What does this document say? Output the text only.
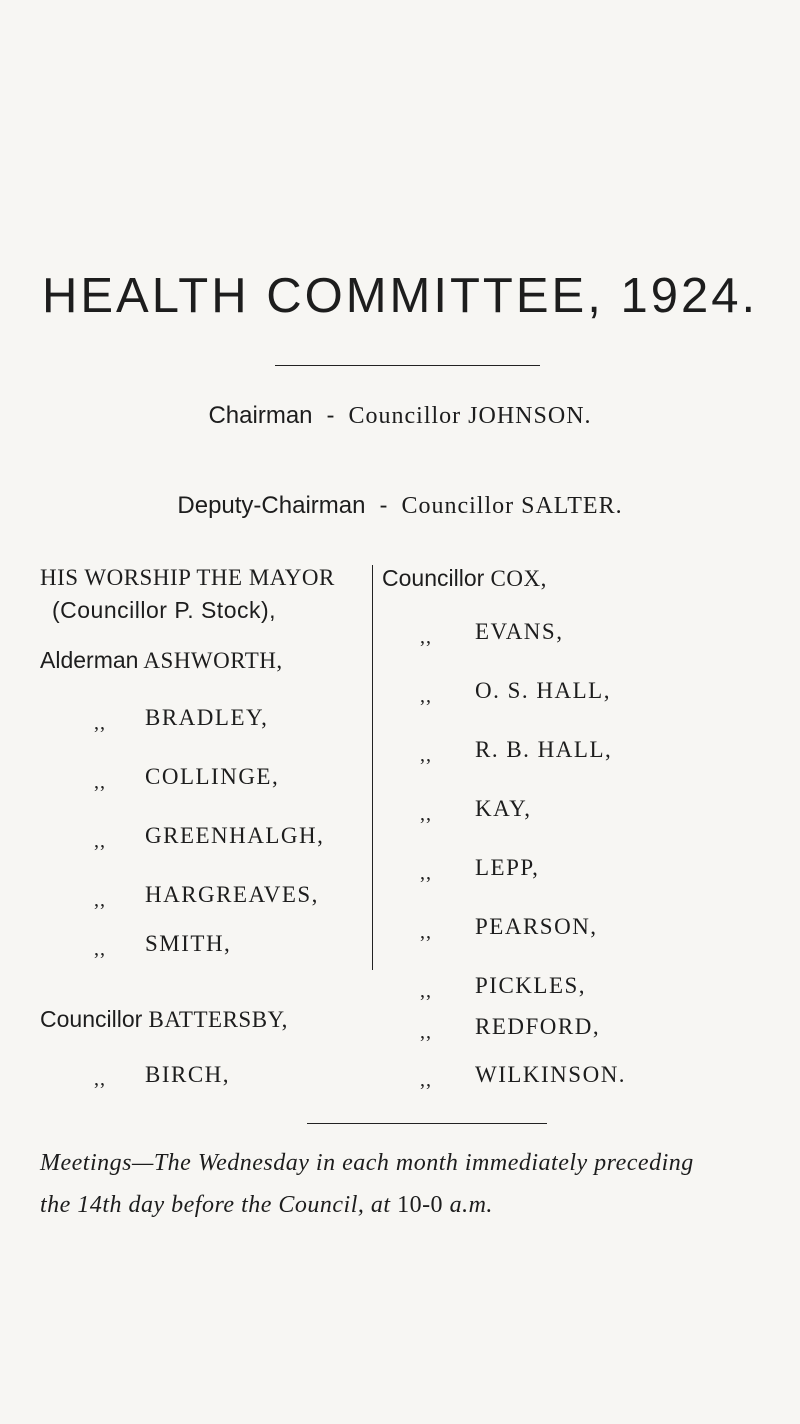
HEALTH COMMITTEE, 1924.
Chairman - Councillor JOHNSON.
Deputy-Chairman - Councillor SALTER.
HIS WORSHIP THE MAYOR
(Councillor P. Stock),
Alderman ASHWORTH,
,, BRADLEY,
,, COLLINGE,
,, GREENHALGH,
,, HARGREAVES,
,, SMITH,
Councillor BATTERSBY,
,, BIRCH,
Councillor COX,
,, EVANS,
,, O. S. HALL,
,, R. B. HALL,
,, KAY,
,, LEPP,
,, PEARSON,
,, PICKLES,
,, REDFORD,
,, WILKINSON.
Meetings—The Wednesday in each month immediately preceding
the 14th day before the Council, at 10-0 a.m.
